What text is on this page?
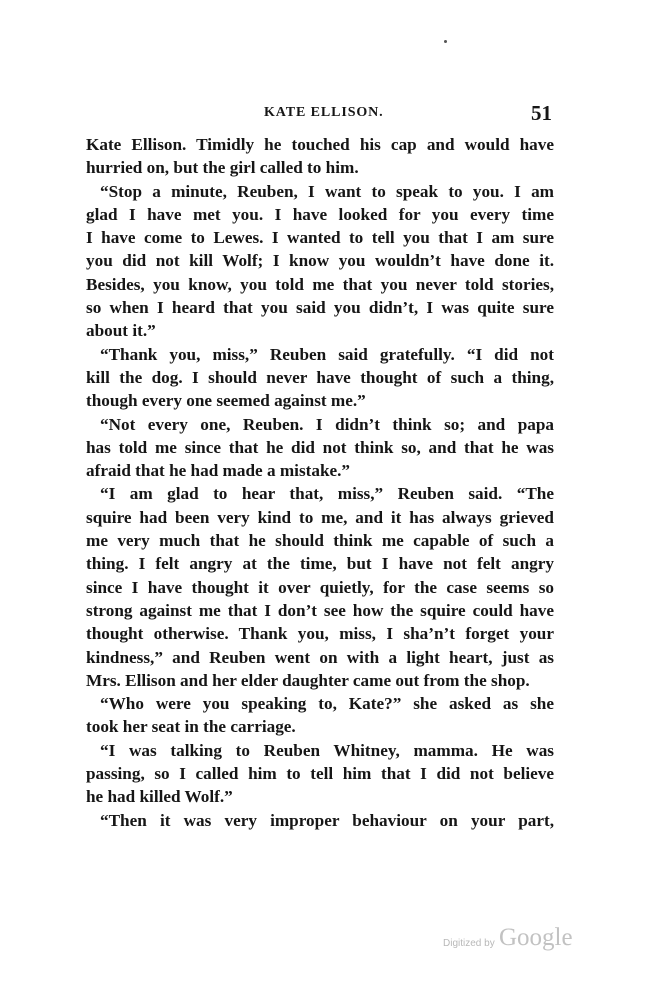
KATE ELLISON.	51
Kate Ellison. Timidly he touched his cap and would have
hurried on, but the girl called to him.
“Stop a minute, Reuben, I want to speak to you. I am
glad I have met you. I have looked for you every time
I have come to Lewes. I wanted to tell you that I am sure
you did not kill Wolf; I know you wouldn’t have done it.
Besides, you know, you told me that you never told stories,
so when I heard that you said you didn’t, I was quite sure
about it.”
“Thank you, miss,” Reuben said gratefully. “I did not
kill the dog. I should never have thought of such a thing,
though every one seemed against me.”
“Not every one, Reuben. I didn’t think so; and papa
has told me since that he did not think so, and that he was
afraid that he had made a mistake.”
“I am glad to hear that, miss,” Reuben said. “The
squire had been very kind to me, and it has always grieved
me very much that he should think me capable of such a
thing. I felt angry at the time, but I have not felt angry
since I have thought it over quietly, for the case seems so
strong against me that I don’t see how the squire could have
thought otherwise. Thank you, miss, I sha’n’t forget your
kindness,” and Reuben went on with a light heart, just as
Mrs. Ellison and her elder daughter came out from the shop.
“Who were you speaking to, Kate?” she asked as she
took her seat in the carriage.
“I was talking to Reuben Whitney, mamma. He was
passing, so I called him to tell him that I did not believe
he had killed Wolf.”
“Then it was very improper behaviour on your part,
Digitized by Google
